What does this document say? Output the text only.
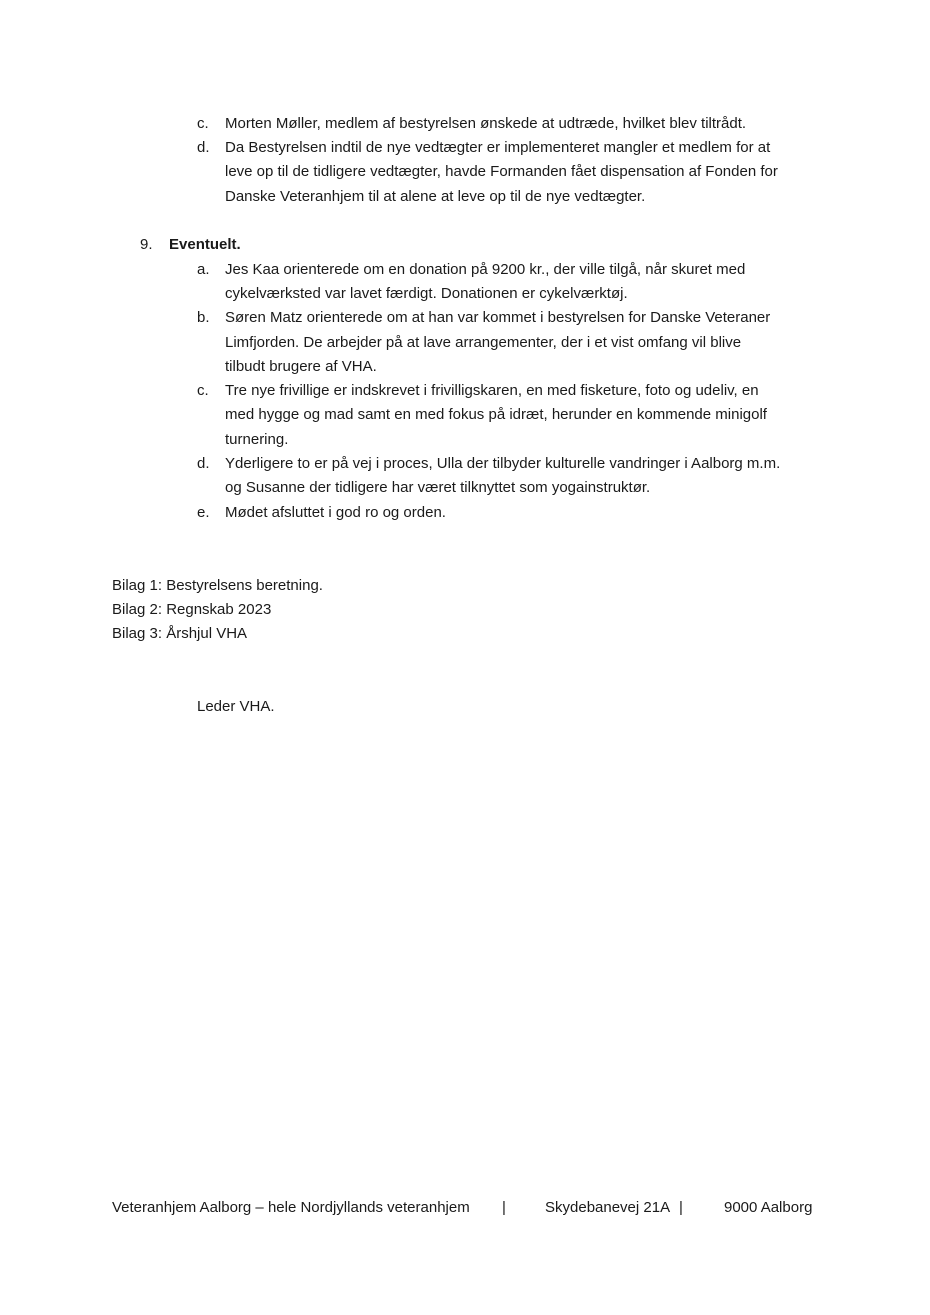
c. Morten Møller, medlem af bestyrelsen ønskede at udtræde, hvilket blev tiltrådt.
d. Da Bestyrelsen indtil de nye vedtægter er implementeret mangler et medlem for at
leve op til de tidligere vedtægter, havde Formanden fået dispensation af Fonden for
Danske Veteranhjem til at alene at leve op til de nye vedtægter.
9. Eventuelt.
a. Jes Kaa orienterede om en donation på 9200 kr., der ville tilgå, når skuret med
cykelværksted var lavet færdigt. Donationen er cykelværktøj.
b. Søren Matz orienterede om at han var kommet i bestyrelsen for Danske Veteraner
Limfjorden. De arbejder på at lave arrangementer, der i et vist omfang vil blive
tilbudt brugere af VHA.
c. Tre nye frivillige er indskrevet i frivilligskaren, en med fisketure, foto og udeliv, en
med hygge og mad samt en med fokus på idræt, herunder en kommende minigolf
turnering.
d. Yderligere to er på vej i proces, Ulla der tilbyder kulturelle vandringer i Aalborg m.m.
og Susanne der tidligere har været tilknyttet som yogainstruktør.
e. Mødet afsluttet i god ro og orden.
Bilag 1: Bestyrelsens beretning.
Bilag 2: Regnskab 2023
Bilag 3: Årshjul VHA
Leder VHA.
Veteranhjem Aalborg – hele Nordjyllands veteranhjem |	Skydebanevej 21A |	9000 Aalborg
